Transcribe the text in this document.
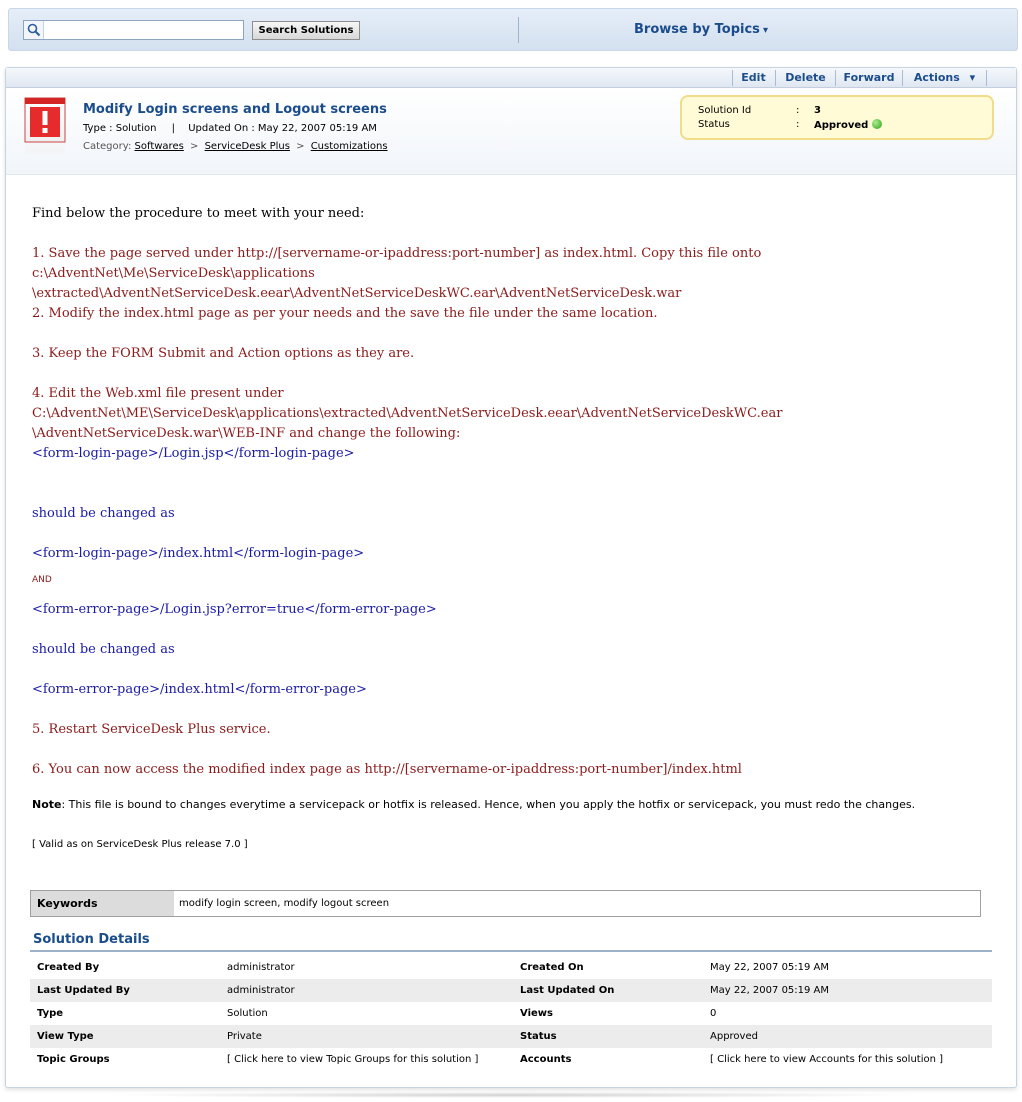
Search Solutions	Browse by Topics ▾
Edit	Delete	Forward	Actions ▾
Modify Login screens and Logout screens
Type : Solution | Updated On : May 22, 2007 05:19 AM
Category: Softwares > ServiceDesk Plus > Customizations
Solution Id	: 3
Status	: Approved
Find below the procedure to meet with your need:
1. Save the page served under http://[servername-or-ipaddress:port-number] as index.html. Copy this file onto c:\AdventNet\Me\ServiceDesk\applications
\extracted\AdventNetServiceDesk.eear\AdventNetServiceDeskWC.ear\AdventNetServiceDesk.war
2. Modify the index.html page as per your needs and the save the file under the same location.
3. Keep the FORM Submit and Action options as they are.
4. Edit the Web.xml file present under C:\AdventNet\ME\ServiceDesk\applications\extracted\AdventNetServiceDesk.eear\AdventNetServiceDeskWC.ear
\AdventNetServiceDesk.war\WEB-INF and change the following:
<form-login-page>/Login.jsp</form-login-page>
should be changed as
<form-login-page>/index.html</form-login-page>
AND
<form-error-page>/Login.jsp?error=true</form-error-page>
should be changed as
<form-error-page>/index.html</form-error-page>
5. Restart ServiceDesk Plus service.
6. You can now access the modified index page as http://[servername-or-ipaddress:port-number]/index.html
Note: This file is bound to changes everytime a servicepack or hotfix is released. Hence, when you apply the hotfix or servicepack, you must redo the changes.
[ Valid as on ServiceDesk Plus release 7.0 ]
Keywords	modify login screen, modify logout screen
Solution Details
Created By	administrator	Created On	May 22, 2007 05:19 AM
Last Updated By	administrator	Last Updated On	May 22, 2007 05:19 AM
Type	Solution	Views	0
View Type	Private	Status	Approved
Topic Groups	[ Click here to view Topic Groups for this solution ]	Accounts	[ Click here to view Accounts for this solution ]
